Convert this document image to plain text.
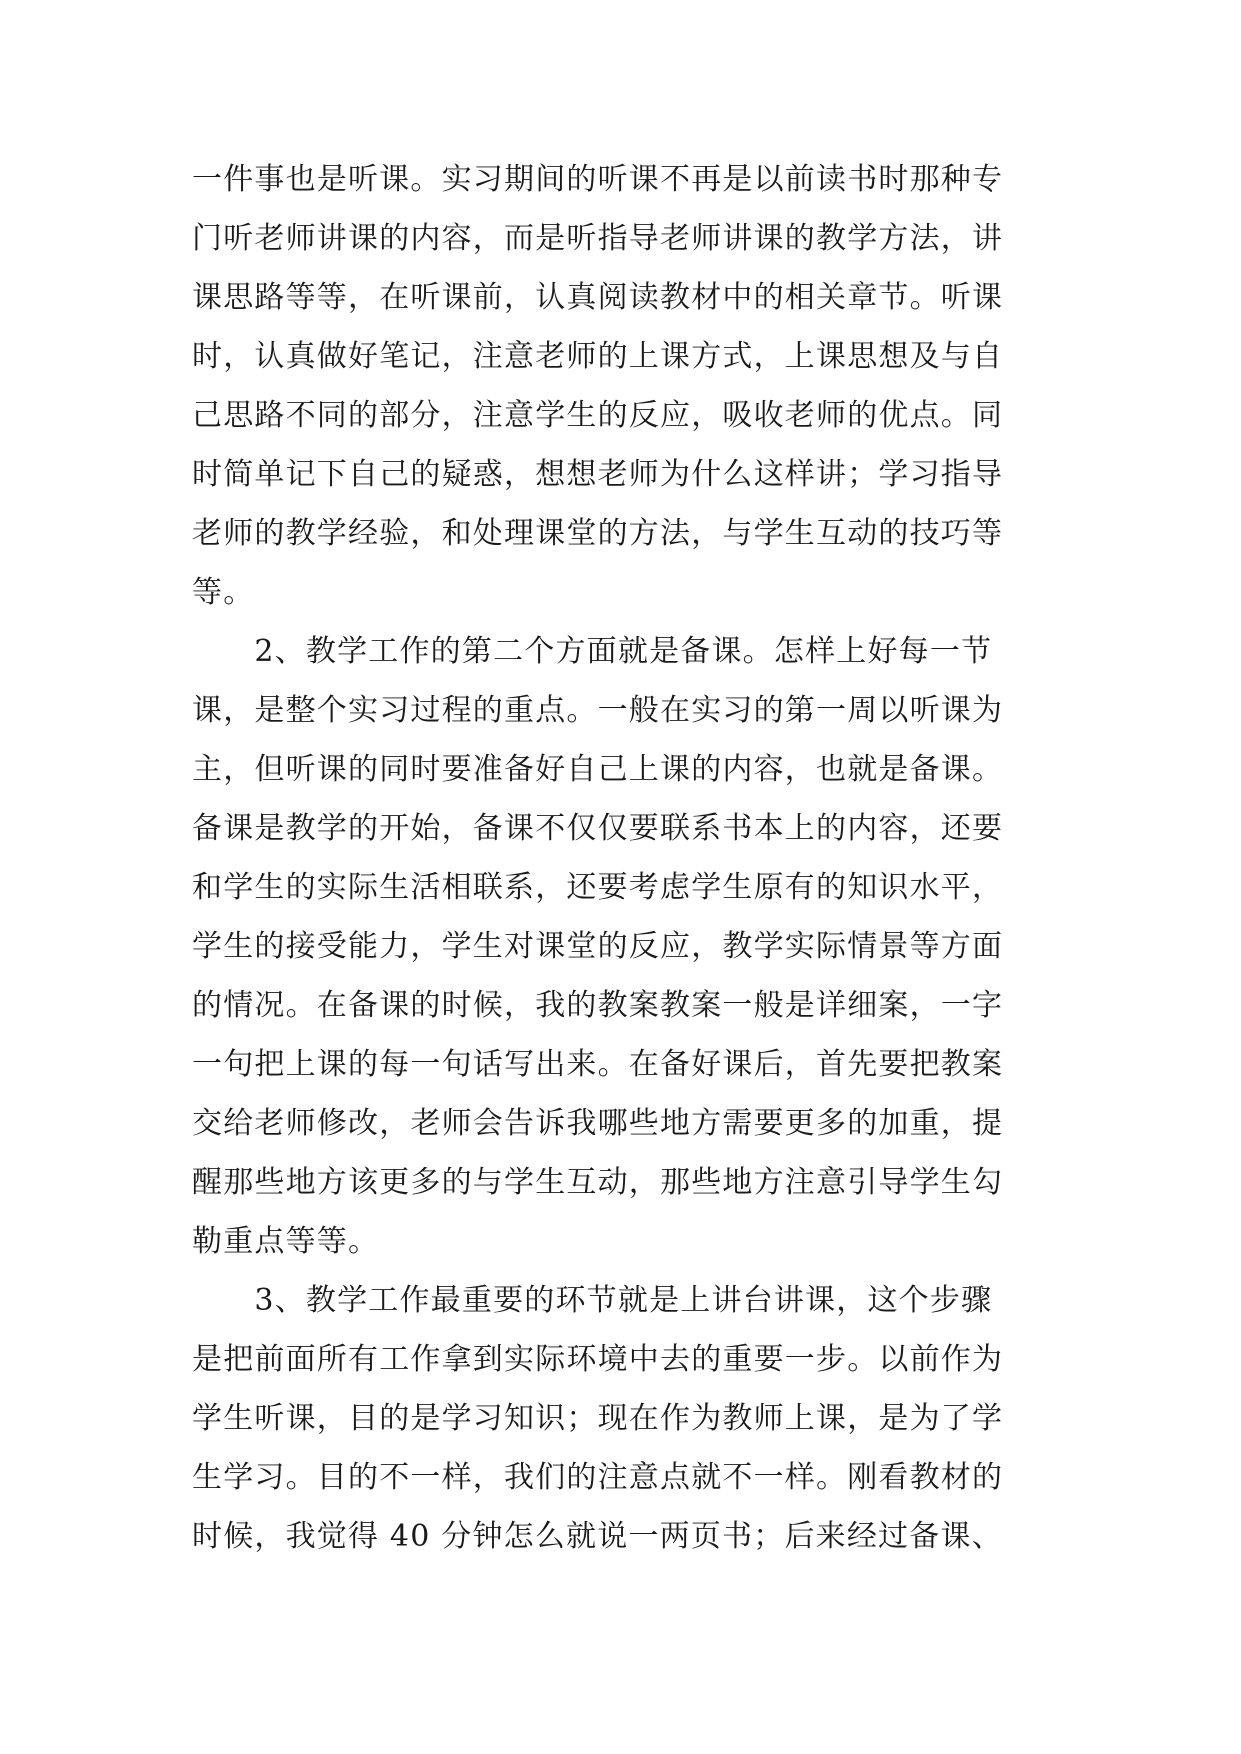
一件事也是听课。实习期间的听课不再是以前读书时那种专
门听老师讲课的内容，而是听指导老师讲课的教学方法，讲
课思路等等，在听课前，认真阅读教材中的相关章节。听课
时，认真做好笔记，注意老师的上课方式，上课思想及与自
己思路不同的部分，注意学生的反应，吸收老师的优点。同
时简单记下自己的疑惑，想想老师为什么这样讲；学习指导
老师的教学经验，和处理课堂的方法，与学生互动的技巧等
等。
　　2、教学工作的第二个方面就是备课。怎样上好每一节
课，是整个实习过程的重点。一般在实习的第一周以听课为
主，但听课的同时要准备好自己上课的内容，也就是备课。
备课是教学的开始，备课不仅仅要联系书本上的内容，还要
和学生的实际生活相联系，还要考虑学生原有的知识水平，
学生的接受能力，学生对课堂的反应，教学实际情景等方面
的情况。在备课的时候，我的教案教案一般是详细案，一字
一句把上课的每一句话写出来。在备好课后，首先要把教案
交给老师修改，老师会告诉我哪些地方需要更多的加重，提
醒那些地方该更多的与学生互动，那些地方注意引导学生勾
勒重点等等。
　　3、教学工作最重要的环节就是上讲台讲课，这个步骤
是把前面所有工作拿到实际环境中去的重要一步。以前作为
学生听课，目的是学习知识；现在作为教师上课，是为了学
生学习。目的不一样，我们的注意点就不一样。刚看教材的
时候，我觉得 40 分钟怎么就说一两页书；后来经过备课、
